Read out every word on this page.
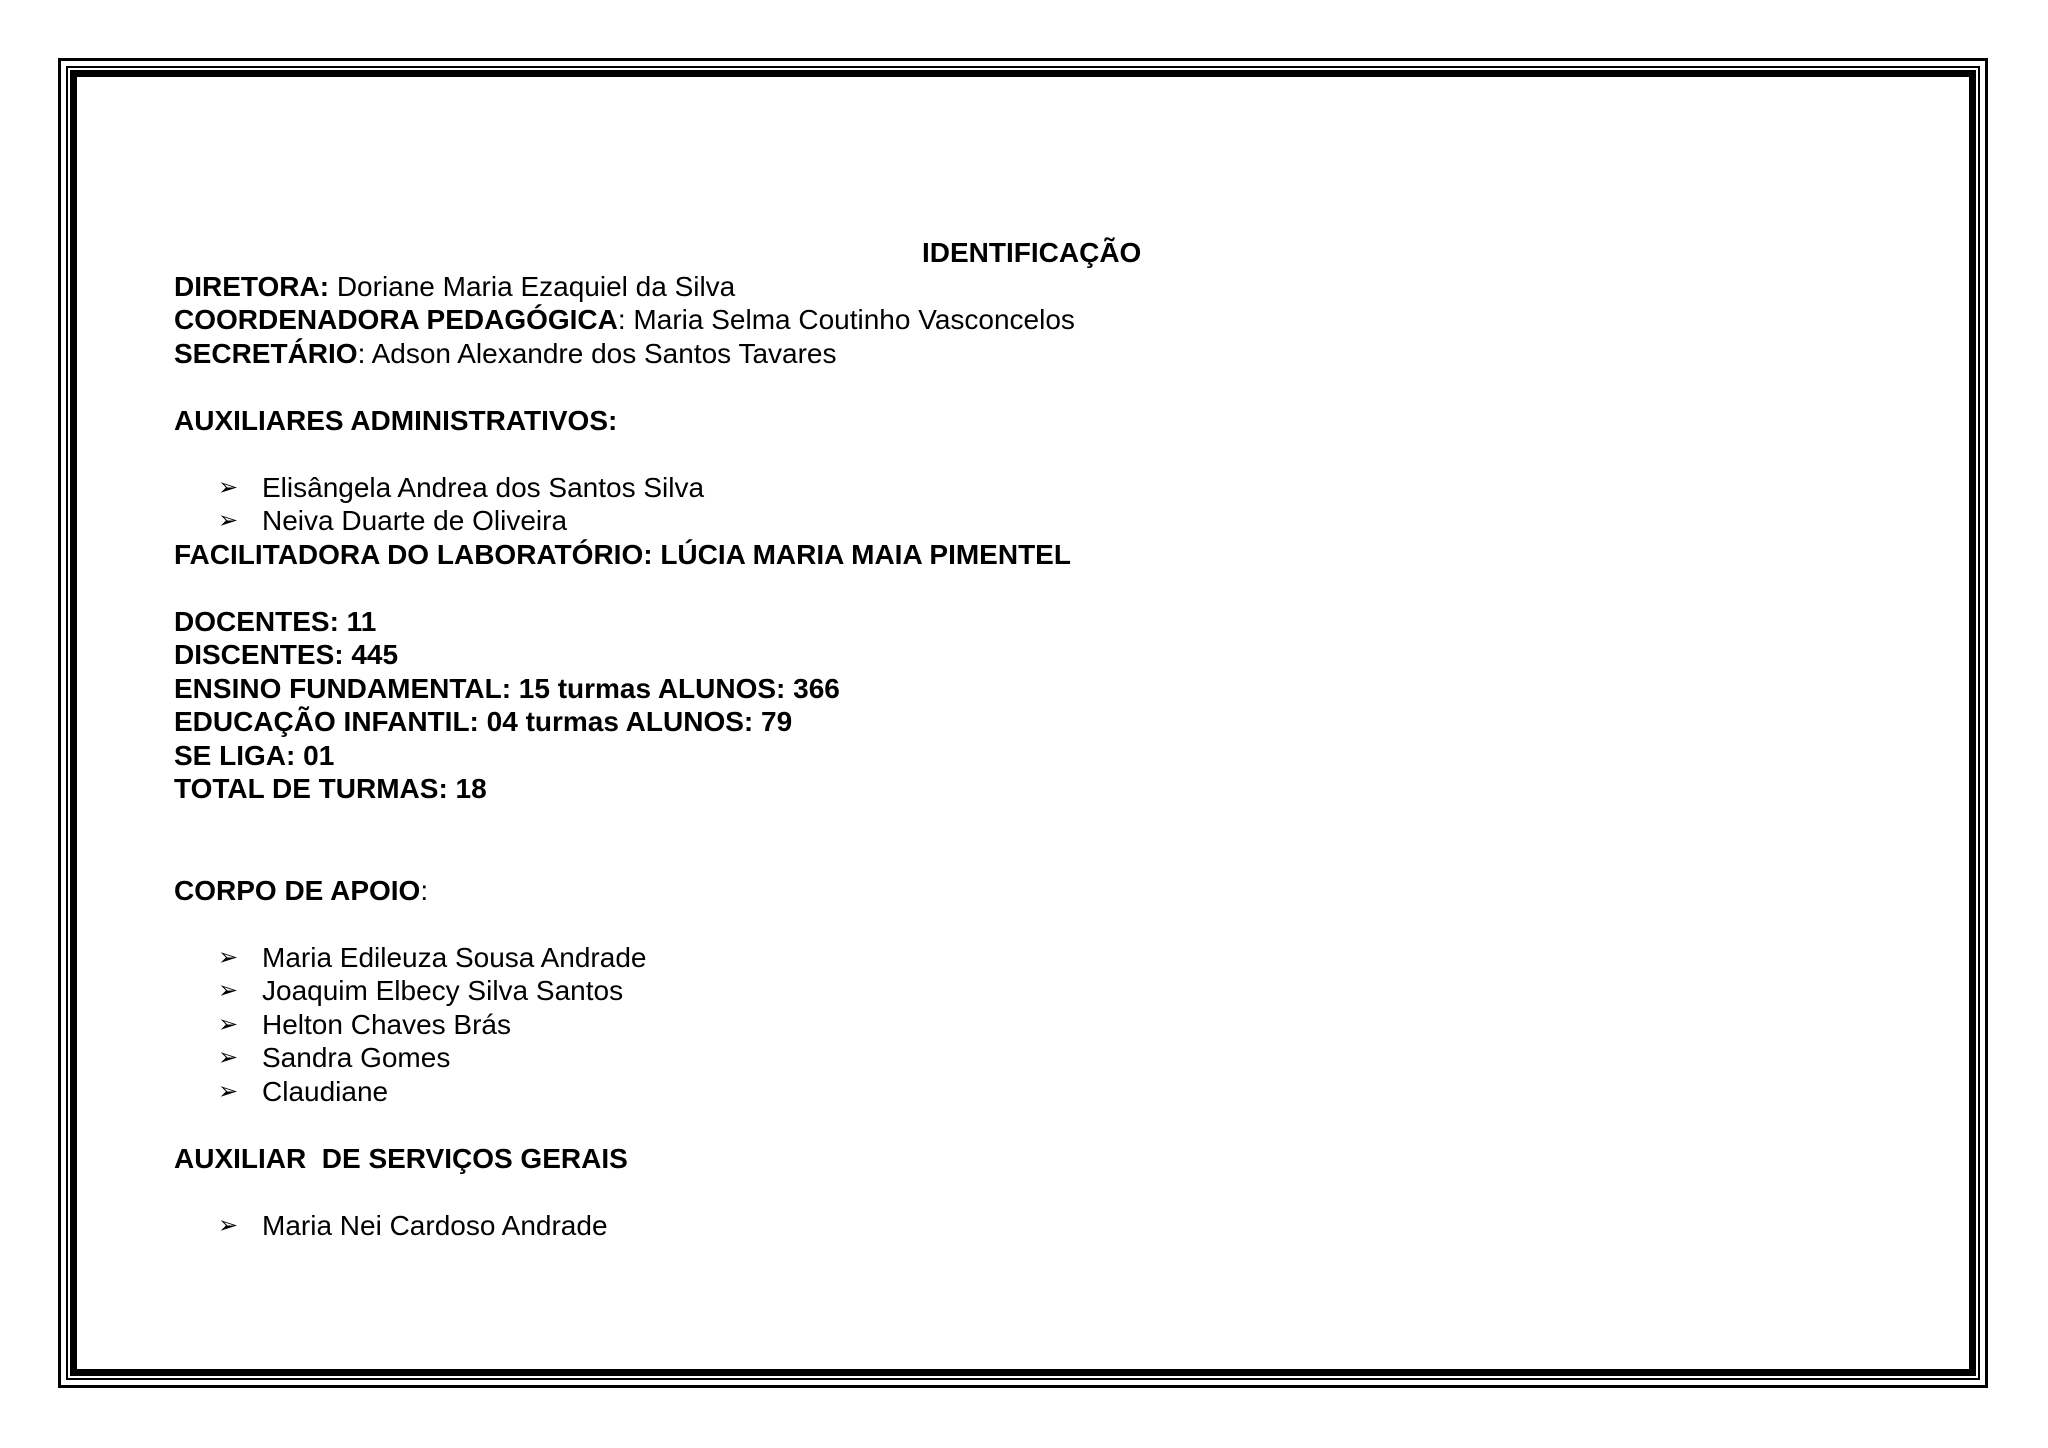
IDENTIFICAÇÃO
DIRETORA: Doriane Maria Ezaquiel da Silva
COORDENADORA PEDAGÓGICA: Maria Selma Coutinho Vasconcelos
SECRETÁRIO: Adson Alexandre dos Santos Tavares
AUXILIARES ADMINISTRATIVOS:
➢ Elisângela Andrea dos Santos Silva
➢ Neiva Duarte de Oliveira
FACILITADORA DO LABORATÓRIO: LÚCIA MARIA MAIA PIMENTEL
DOCENTES: 11
DISCENTES: 445
ENSINO FUNDAMENTAL: 15 turmas ALUNOS: 366
EDUCAÇÃO INFANTIL: 04 turmas ALUNOS: 79
SE LIGA: 01
TOTAL DE TURMAS: 18
CORPO DE APOIO:
➢ Maria Edileuza Sousa Andrade
➢ Joaquim Elbecy Silva Santos
➢ Helton Chaves Brás
➢ Sandra Gomes
➢ Claudiane
AUXILIAR  DE SERVIÇOS GERAIS
➢ Maria Nei Cardoso Andrade
